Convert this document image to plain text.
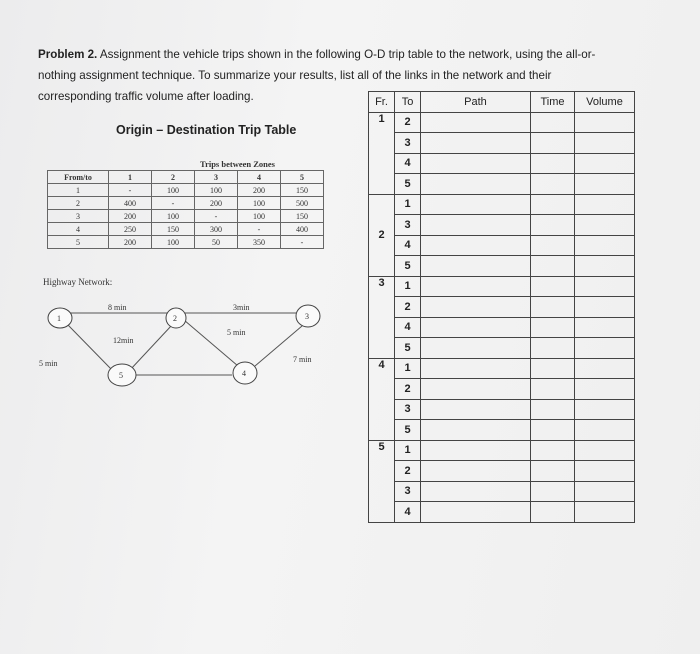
Problem 2. Assignment the vehicle trips shown in the following O-D trip table to the network, using the all-or-nothing assignment technique. To summarize your results, list all of the links in the network and their corresponding traffic volume after loading.
Origin – Destination Trip Table
		Trips between Zones				
From/to	1	2	3	4	5	
1	-	100	100	200	150	
2	400	-	200	100	500	
3	200	100	-	100	150	
4	250	150	300	-	400	
5	200	100	50	350	-	
Highway Network:
1	2	3
4
5
8 min	3min
12min
5 min
5 min	7 min
Fr.	To	Path	Time	Volume
1	2			
	3			
	4			
	5			
2	1			
	3			
	4			
	5			
3	1			
	2			
	4			
	5			
4	1			
	2			
	3			
	5			
5	1			
	2			
	3			
	4			
